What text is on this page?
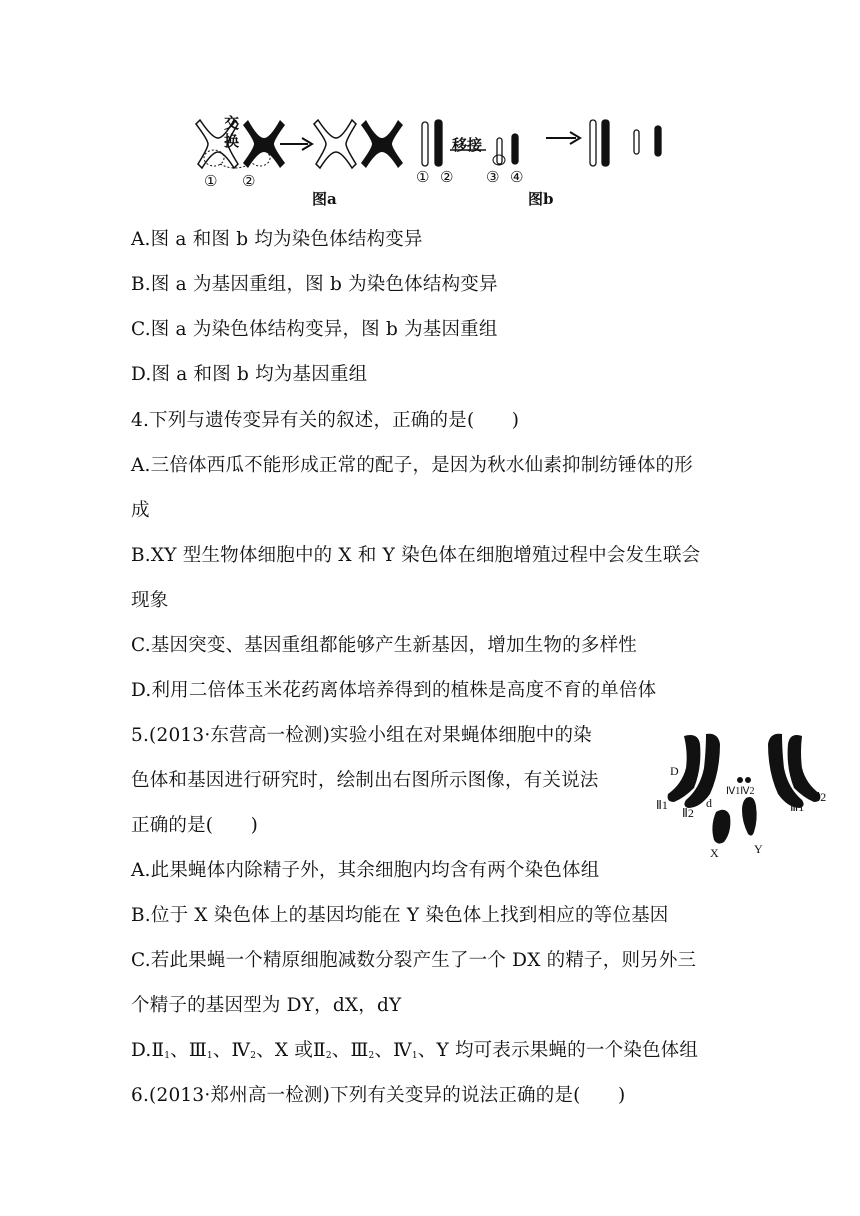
交
换
① ②
图a
移接
① ② ③ ④
图b
A.图 a 和图 b 均为染色体结构变异
B.图 a 为基因重组，图 b 为染色体结构变异
C.图 a 为染色体结构变异，图 b 为基因重组
D.图 a 和图 b 均为基因重组
4.下列与遗传变异有关的叙述，正确的是(　　)
A.三倍体西瓜不能形成正常的配子，是因为秋水仙素抑制纺锤体的形
成
B.XY 型生物体细胞中的 X 和 Y 染色体在细胞增殖过程中会发生联会
现象
C.基因突变、基因重组都能够产生新基因，增加生物的多样性
D.利用二倍体玉米花药离体培养得到的植株是高度不育的单倍体
5.(2013·东营高一检测)实验小组在对果蝇体细胞中的染
色体和基因进行研究时，绘制出右图所示图像，有关说法
正确的是(　　)
D
d
Ⅳ1Ⅳ2
Ⅱ1
Ⅱ2	Ⅲ1
Ⅲ2
X	Y
A.此果蝇体内除精子外，其余细胞内均含有两个染色体组
B.位于 X 染色体上的基因均能在 Y 染色体上找到相应的等位基因
C.若此果蝇一个精原细胞减数分裂产生了一个 DX 的精子，则另外三
个精子的基因型为 DY，dX，dY
$D.Ⅱ_1$、$Ⅲ_1$、$Ⅳ_2$、X 或$Ⅱ_2$、$Ⅲ_2$、$Ⅳ_1$、Y 均可表示果蝇的一个染色体组
6.(2013·郑州高一检测)下列有关变异的说法正确的是(　　)
